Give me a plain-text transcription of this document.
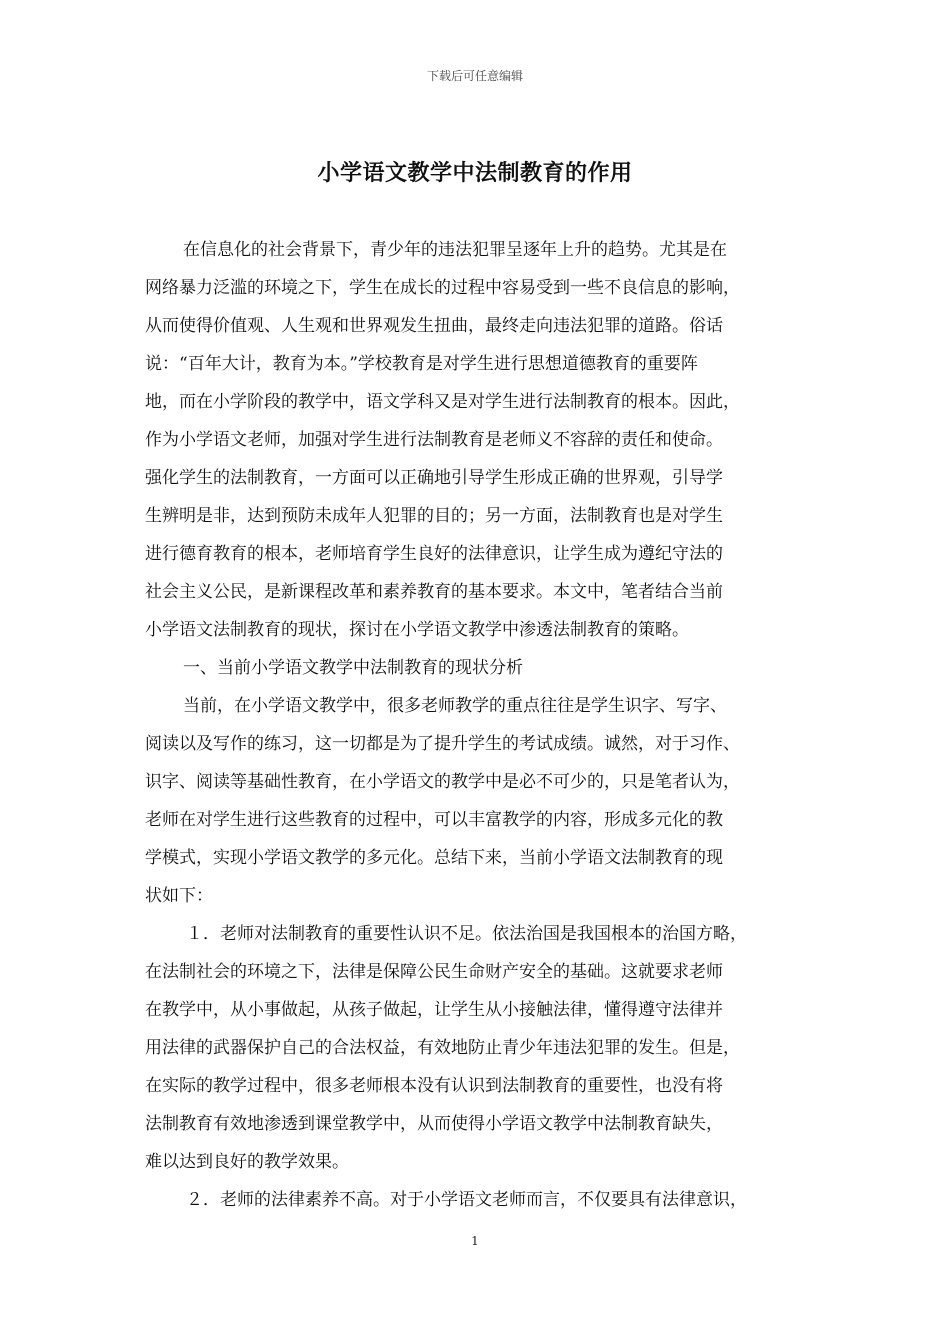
下载后可任意编辑
小学语文教学中法制教育的作用
在信息化的社会背景下，青少年的违法犯罪呈逐年上升的趋势。尤其是在
网络暴力泛滥的环境之下，学生在成长的过程中容易受到一些不良信息的影响，
从而使得价值观、人生观和世界观发生扭曲，最终走向违法犯罪的道路。俗话
说：“百年大计，教育为本。”学校教育是对学生进行思想道德教育的重要阵
地，而在小学阶段的教学中，语文学科又是对学生进行法制教育的根本。因此，
作为小学语文老师，加强对学生进行法制教育是老师义不容辞的责任和使命。
强化学生的法制教育，一方面可以正确地引导学生形成正确的世界观，引导学
生辨明是非，达到预防未成年人犯罪的目的；另一方面，法制教育也是对学生
进行德育教育的根本，老师培育学生良好的法律意识，让学生成为遵纪守法的
社会主义公民，是新课程改革和素养教育的基本要求。本文中，笔者结合当前
小学语文法制教育的现状，探讨在小学语文教学中渗透法制教育的策略。
一、当前小学语文教学中法制教育的现状分析
当前，在小学语文教学中，很多老师教学的重点往往是学生识字、写字、
阅读以及写作的练习，这一切都是为了提升学生的考试成绩。诚然，对于习作、
识字、阅读等基础性教育，在小学语文的教学中是必不可少的，只是笔者认为，
老师在对学生进行这些教育的过程中，可以丰富教学的内容，形成多元化的教
学模式，实现小学语文教学的多元化。总结下来，当前小学语文法制教育的现
状如下：
１．老师对法制教育的重要性认识不足。依法治国是我国根本的治国方略，
在法制社会的环境之下，法律是保障公民生命财产安全的基础。这就要求老师
在教学中，从小事做起，从孩子做起，让学生从小接触法律，懂得遵守法律并
用法律的武器保护自己的合法权益，有效地防止青少年违法犯罪的发生。但是，
在实际的教学过程中，很多老师根本没有认识到法制教育的重要性，也没有将
法制教育有效地渗透到课堂教学中，从而使得小学语文教学中法制教育缺失，
难以达到良好的教学效果。
２．老师的法律素养不高。对于小学语文老师而言，不仅要具有法律意识，
1
